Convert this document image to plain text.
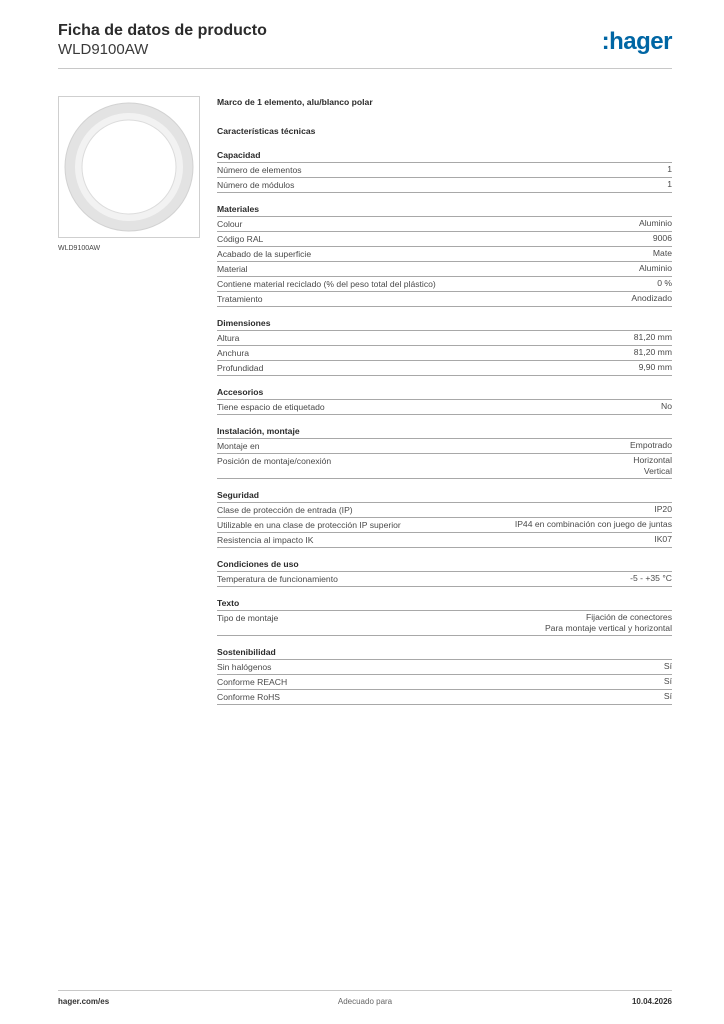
Ficha de datos de producto
WLD9100AW	:hager
WLD9100AW
Marco de 1 elemento, alu/blanco polar
Características técnicas
Capacidad
Número de elementos	1
Número de módulos	1
Materiales
Colour	Aluminio
Código RAL	9006
Acabado de la superficie	Mate
Material	Aluminio
Contiene material reciclado (% del peso total del plástico)	0 %
Tratamiento	Anodizado
Dimensiones
Altura	81,20 mm
Anchura	81,20 mm
Profundidad	9,90 mm
Accesorios
Tiene espacio de etiquetado	No
Instalación, montaje
Montaje en	Empotrado
Posición de montaje/conexión	Horizontal
Vertical
Seguridad
Clase de protección de entrada (IP)	IP20
Utilizable en una clase de protección IP superior	IP44 en combinación con juego de juntas
Resistencia al impacto IK	IK07
Condiciones de uso
Temperatura de funcionamiento	-5 - +35 °C
Texto
Tipo de montaje	Fijación de conectores
Para montaje vertical y horizontal
Sostenibilidad
Sin halógenos	Sí
Conforme REACH	Sí
Conforme RoHS	Sí
hager.com/es	Adecuado para	10.04.2026
